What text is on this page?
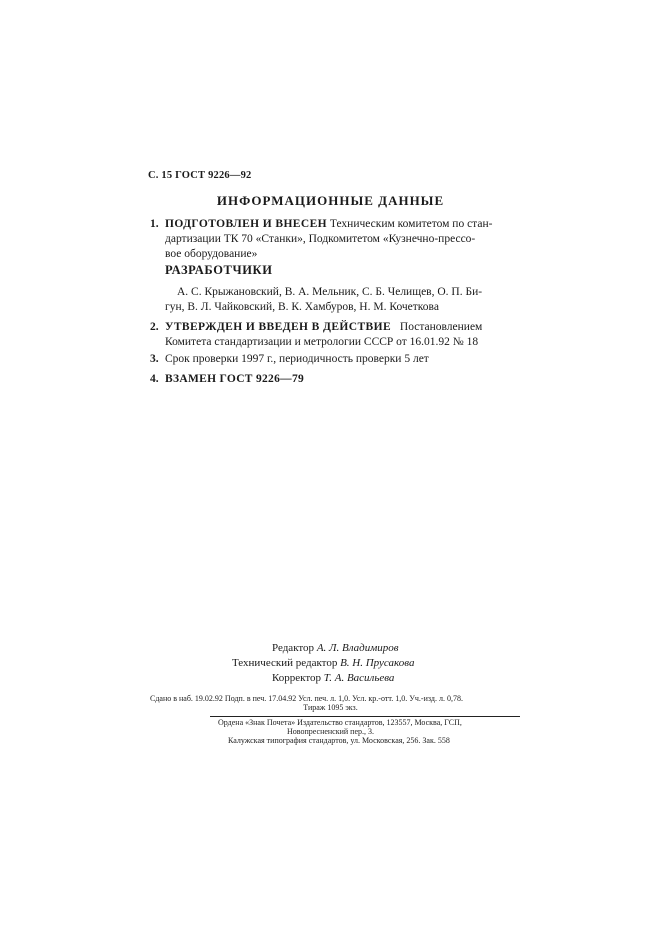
С. 15 ГОСТ 9226—92
ИНФОРМАЦИОННЫЕ ДАННЫЕ
1. ПОДГОТОВЛЕН И ВНЕСЕН Техническим комитетом по стан-
дартизации ТК 70 «Станки», Подкомитетом «Кузнечно-прессо-
вое оборудование»
РАЗРАБОТЧИКИ
А. С. Крыжановский, В. А. Мельник, С. Б. Челищев, О. П. Би-
гун, В. Л. Чайковский, В. К. Хамбуров, Н. М. Кочеткова
2. УТВЕРЖДЕН И ВВЕДЕН В ДЕЙСТВИЕ Постановлением
Комитета стандартизации и метрологии СССР от 16.01.92 № 18
3. Срок проверки 1997 г., периодичность проверки 5 лет
4. ВЗАМЕН ГОСТ 9226—79
Редактор А. Л. Владимиров
Технический редактор В. Н. Прусакова
Корректор Т. А. Васильева
Сдано в наб. 19.02.92 Подп. в печ. 17.04.92 Усл. печ. л. 1,0. Усл. кр.-отт. 1,0. Уч.-изд. л. 0,78.
Тираж 1095 экз.
Ордена «Знак Почета» Издательство стандартов, 123557, Москва, ГСП,
Новопресненский пер., 3.
Калужская типография стандартов, ул. Московская, 256. Зак. 558
